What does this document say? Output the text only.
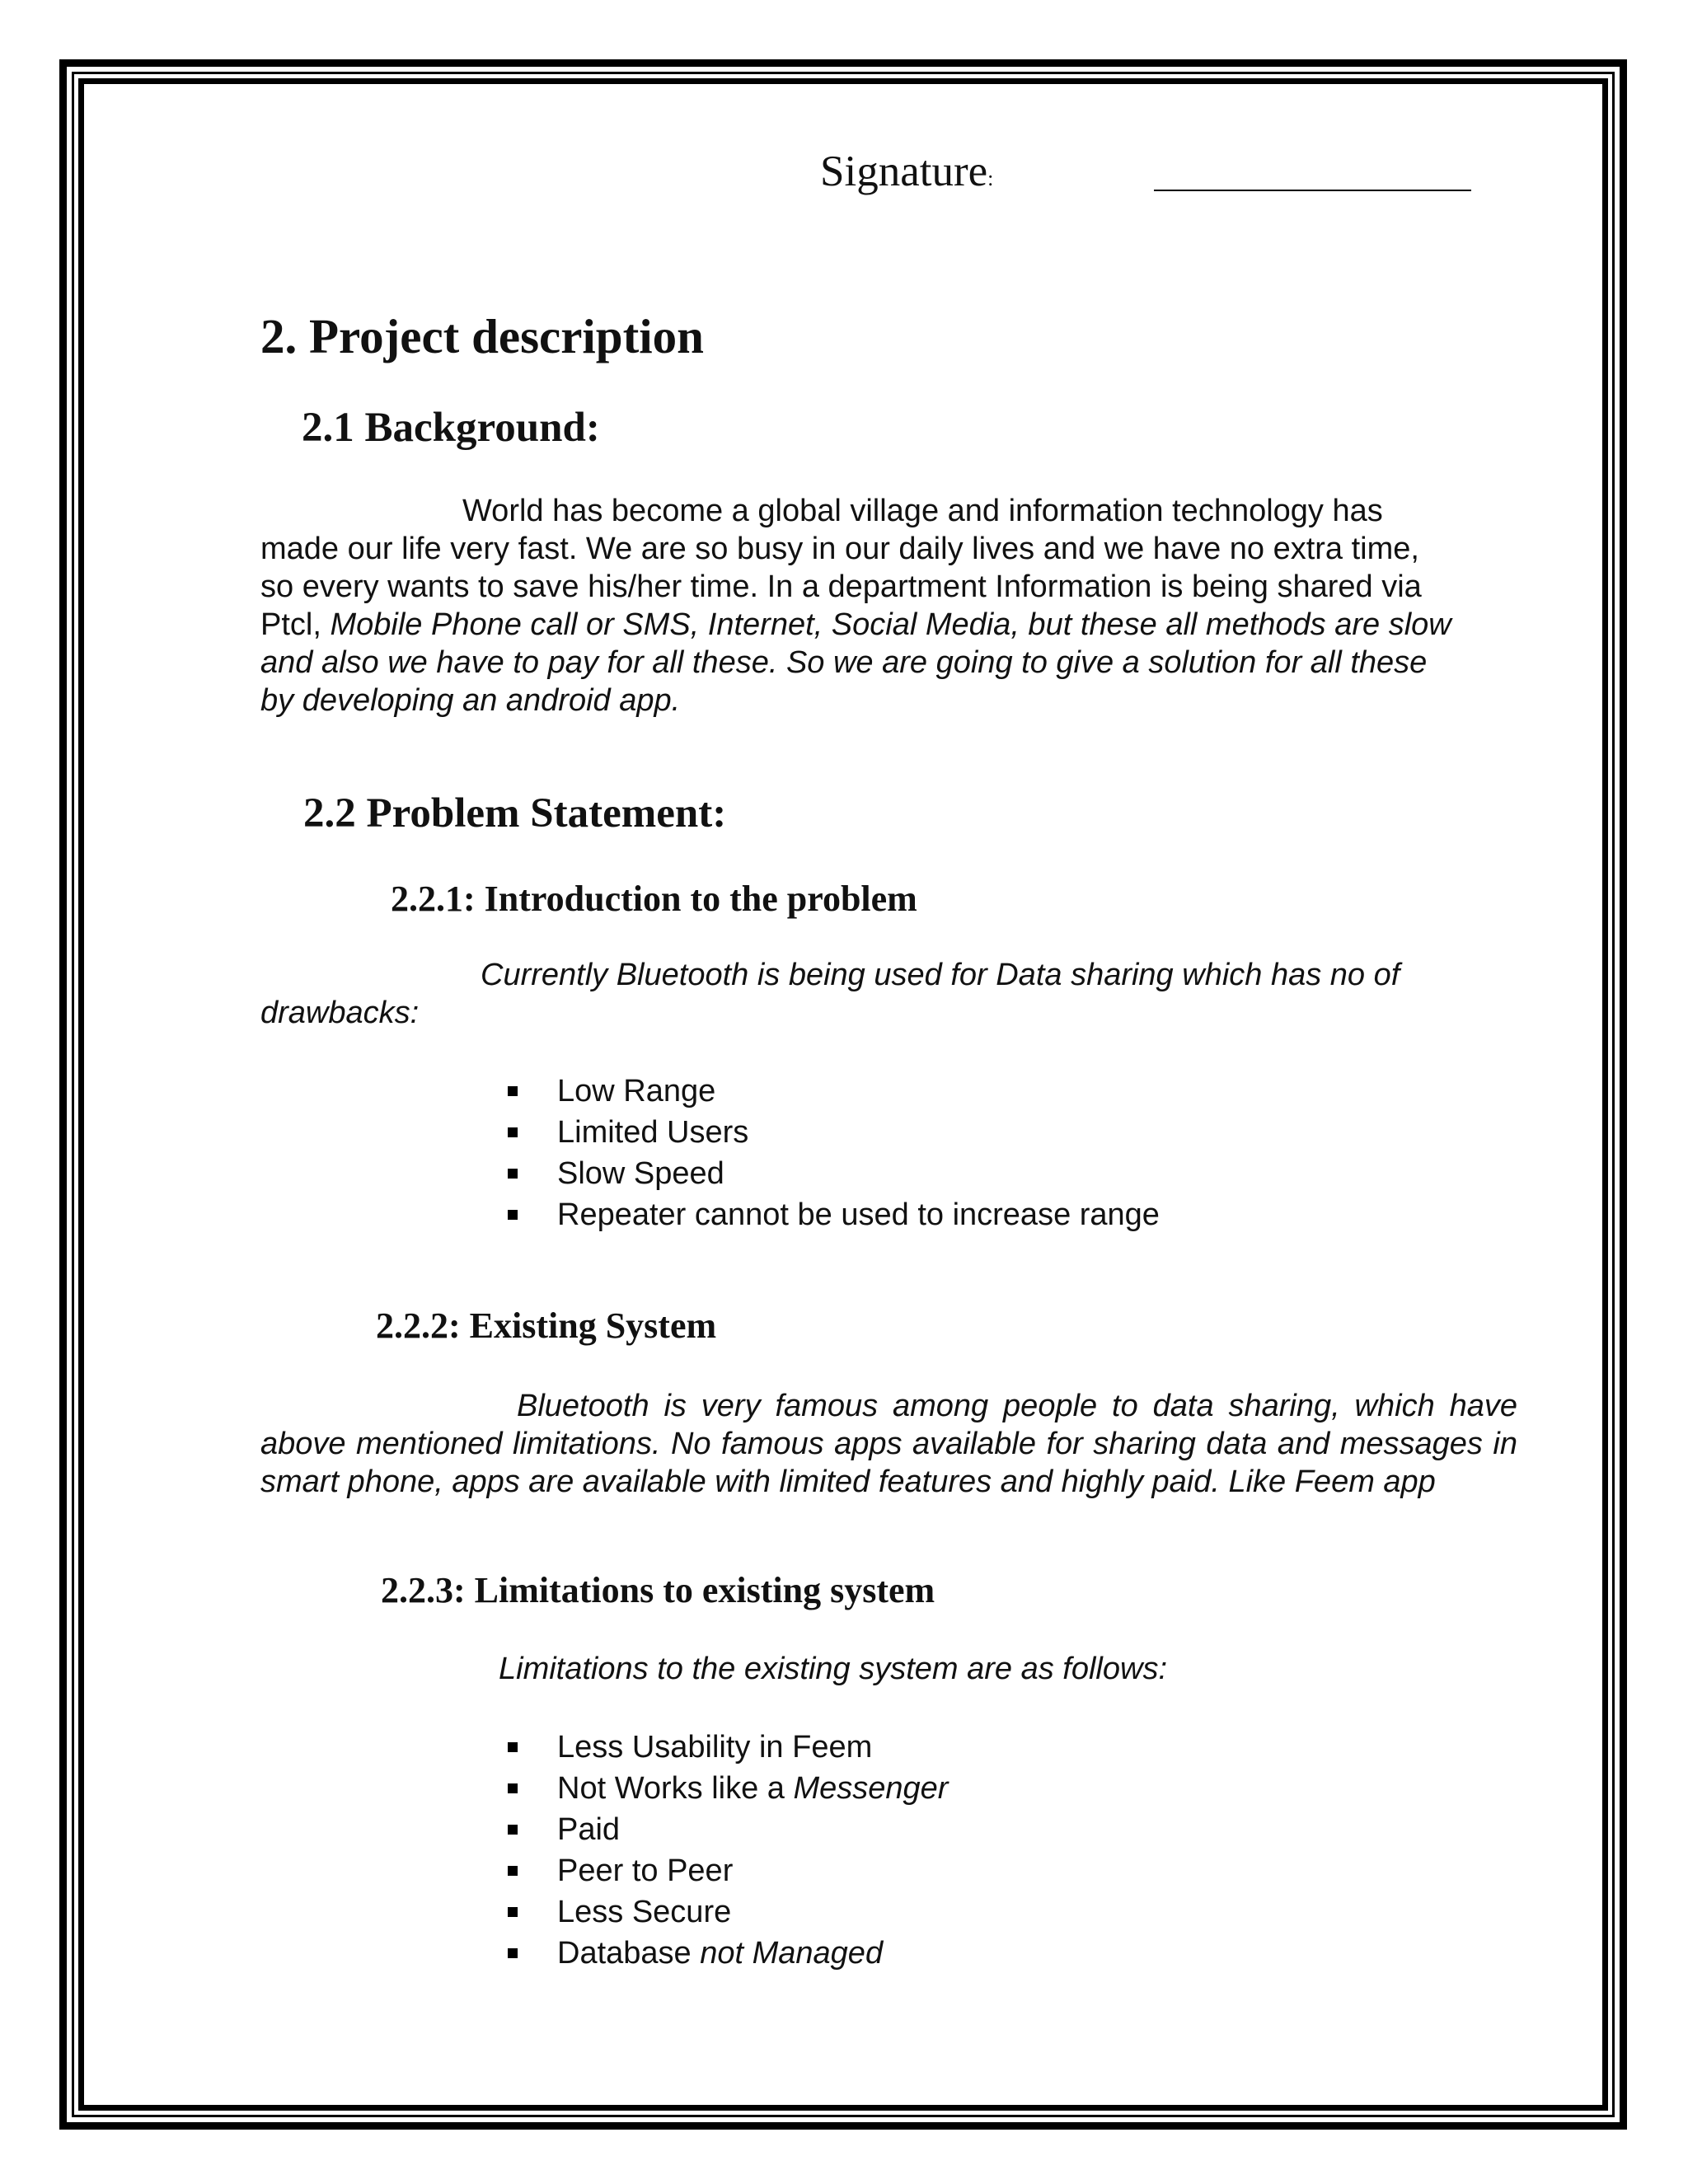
Signature:
2. Project description
2.1 Background:
World has become a global village and information technology has
made our life very fast. We are so busy in our daily lives and we have no extra time,
so every wants to save his/her time. In a department Information is being shared via
Ptcl, Mobile Phone call or SMS, Internet, Social Media, but these all methods are slow
and also we have to pay for all these. So we are going to give a solution for all these
by developing an android app.
2.2 Problem Statement:
2.2.1: Introduction to the problem
Currently Bluetooth is being used for Data sharing which has no of
drawbacks:
Low Range
Limited Users
Slow Speed
Repeater cannot be used to increase range
2.2.2: Existing System
Bluetooth is very famous among people to data sharing, which have above mentioned limitations. No famous apps available for sharing data and messages in smart phone, apps are available with limited features and highly paid. Like Feem app
2.2.3: Limitations to existing system
Limitations to the existing system are as follows:
Less Usability in Feem
Not Works like a Messenger
Paid
Peer to Peer
Less Secure
Database not Managed
